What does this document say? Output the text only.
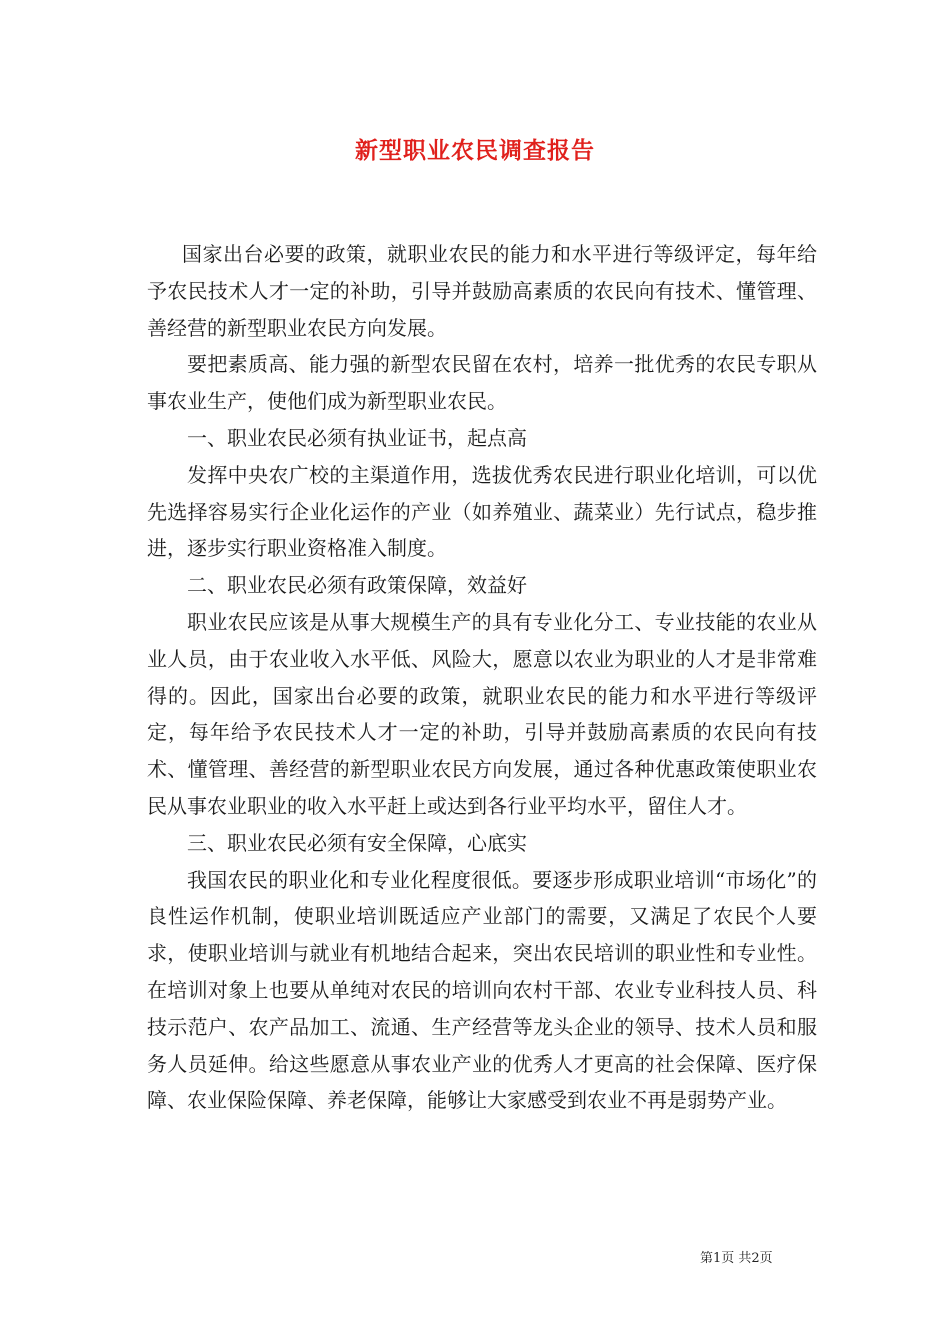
新型职业农民调查报告

国家出台必要的政策，就职业农民的能力和水平进行等级评定，每年给予农民技术人才一定的补助，引导并鼓励高素质的农民向有技术、懂管理、善经营的新型职业农民方向发展。

要把素质高、能力强的新型农民留在农村，培养一批优秀的农民专职从事农业生产，使他们成为新型职业农民。

一、职业农民必须有执业证书，起点高

发挥中央农广校的主渠道作用，选拔优秀农民进行职业化培训，可以优先选择容易实行企业化运作的产业（如养殖业、蔬菜业）先行试点，稳步推进，逐步实行职业资格准入制度。

二、职业农民必须有政策保障，效益好

职业农民应该是从事大规模生产的具有专业化分工、专业技能的农业从业人员，由于农业收入水平低、风险大，愿意以农业为职业的人才是非常难得的。因此，国家出台必要的政策，就职业农民的能力和水平进行等级评定，每年给予农民技术人才一定的补助，引导并鼓励高素质的农民向有技术、懂管理、善经营的新型职业农民方向发展，通过各种优惠政策使职业农民从事农业职业的收入水平赶上或达到各行业平均水平，留住人才。

三、职业农民必须有安全保障，心底实

我国农民的职业化和专业化程度很低。要逐步形成职业培训“市场化”的良性运作机制，使职业培训既适应产业部门的需要，又满足了农民个人要求，使职业培训与就业有机地结合起来，突出农民培训的职业性和专业性。在培训对象上也要从单纯对农民的培训向农村干部、农业专业科技人员、科技示范户、农产品加工、流通、生产经营等龙头企业的领导、技术人员和服务人员延伸。给这些愿意从事农业产业的优秀人才更高的社会保障、医疗保障、农业保险保障、养老保障，能够让大家感受到农业不再是弱势产业。

第1页 共2页
